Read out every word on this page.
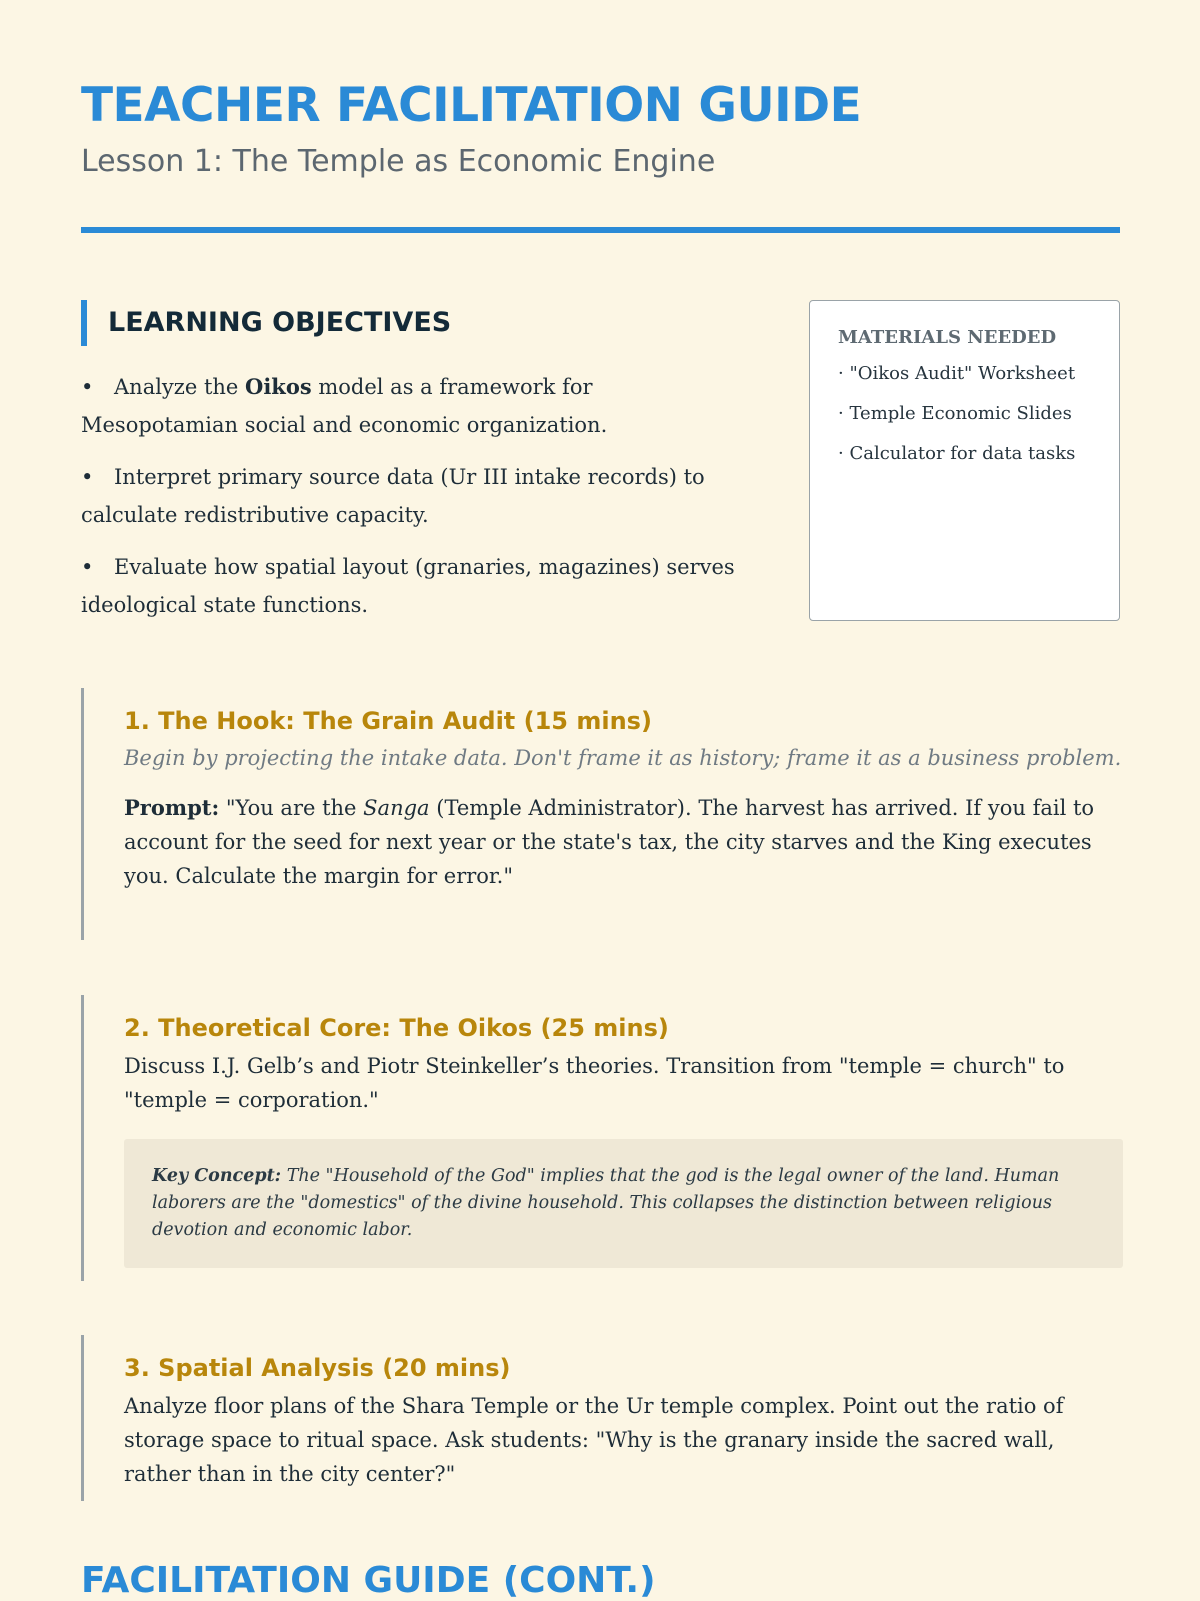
TEACHER FACILITATION GUIDE
Lesson 1: The Temple as Economic Engine
LEARNING OBJECTIVES
• Analyze the Oikos model as a framework for Mesopotamian social and economic organization.
• Interpret primary source data (Ur III intake records) to calculate redistributive capacity.
• Evaluate how spatial layout (granaries, magazines) serves ideological state functions.
MATERIALS NEEDED
· "Oikos Audit" Worksheet
· Temple Economic Slides
· Calculator for data tasks
1. The Hook: The Grain Audit (15 mins)
Begin by projecting the intake data. Don't frame it as history; frame it as a business problem.
Prompt: "You are the Sanga (Temple Administrator). The harvest has arrived. If you fail to account for the seed for next year or the state's tax, the city starves and the King executes you. Calculate the margin for error."
2. Theoretical Core: The Oikos (25 mins)
Discuss I.J. Gelb’s and Piotr Steinkeller’s theories. Transition from "temple = church" to "temple = corporation."
Key Concept: The "Household of the God" implies that the god is the legal owner of the land. Human laborers are the "domestics" of the divine household. This collapses the distinction between religious devotion and economic labor.
3. Spatial Analysis (20 mins)
Analyze floor plans of the Shara Temple or the Ur temple complex. Point out the ratio of storage space to ritual space. Ask students: "Why is the granary inside the sacred wall, rather than in the city center?"
FACILITATION GUIDE (CONT.)
